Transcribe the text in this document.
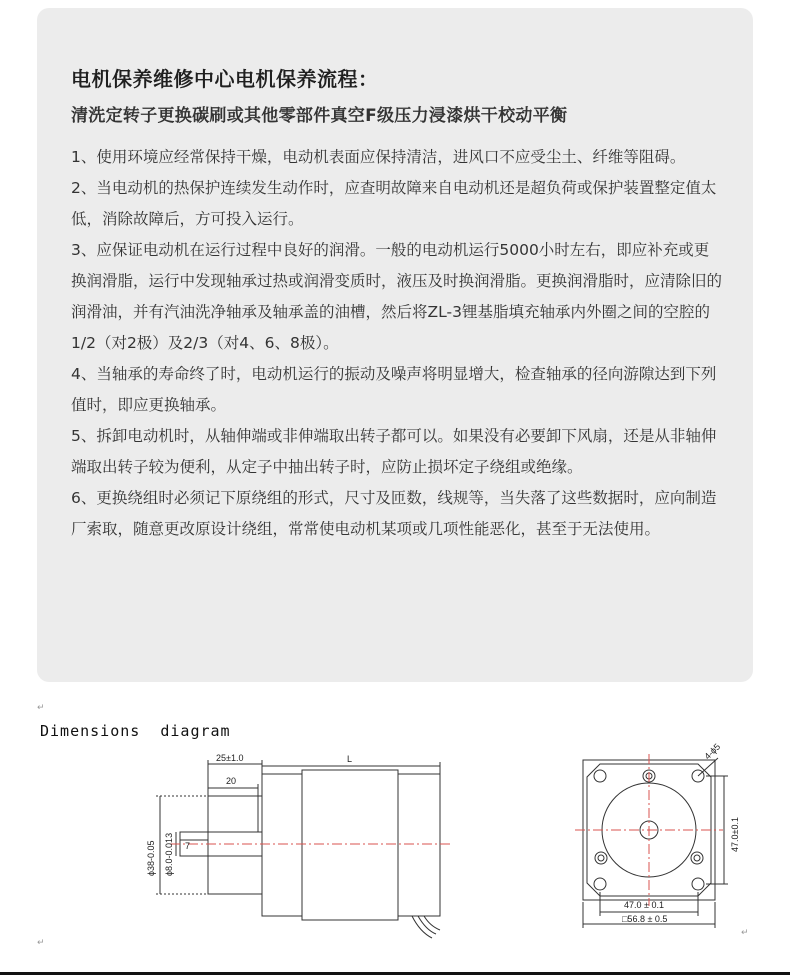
电机保养维修中心电机保养流程：
清洗定转子更换碳刷或其他零部件真空F级压力浸漆烘干校动平衡

1、使用环境应经常保持干燥，电动机表面应保持清洁，进风口不应受尘土、纤维等阻碍。

2、当电动机的热保护连续发生动作时，应查明故障来自电动机还是超负荷或保护装置整定值太低，消除故障后，方可投入运行。

3、应保证电动机在运行过程中良好的润滑。一般的电动机运行5000小时左右，即应补充或更换润滑脂，运行中发现轴承过热或润滑变质时，液压及时换润滑脂。更换润滑脂时，应清除旧的润滑油，并有汽油洗净轴承及轴承盖的油槽，然后将ZL-3锂基脂填充轴承内外圈之间的空腔的1/2（对2极）及2/3（对4、6、8极）。

4、当轴承的寿命终了时，电动机运行的振动及噪声将明显增大，检查轴承的径向游隙达到下列值时，即应更换轴承。

5、拆卸电动机时，从轴伸端或非伸端取出转子都可以。如果没有必要卸下风扇，还是从非轴伸端取出转子较为便利，从定子中抽出转子时，应防止损坏定子绕组或绝缘。

6、更换绕组时必须记下原绕组的形式，尺寸及匝数，线规等，当失落了这些数据时，应向制造厂索取，随意更改原设计绕组，常常使电动机某项或几项性能恶化，甚至于无法使用。

↵
Dimensions  diagram
25±1.0
20
L
ϕ38-0.05 ϕ8.0-0.013 7
4-ϕ5
47.0±0.1
47.0 ± 0.1
□56.8 ± 0.5
↵
↵
